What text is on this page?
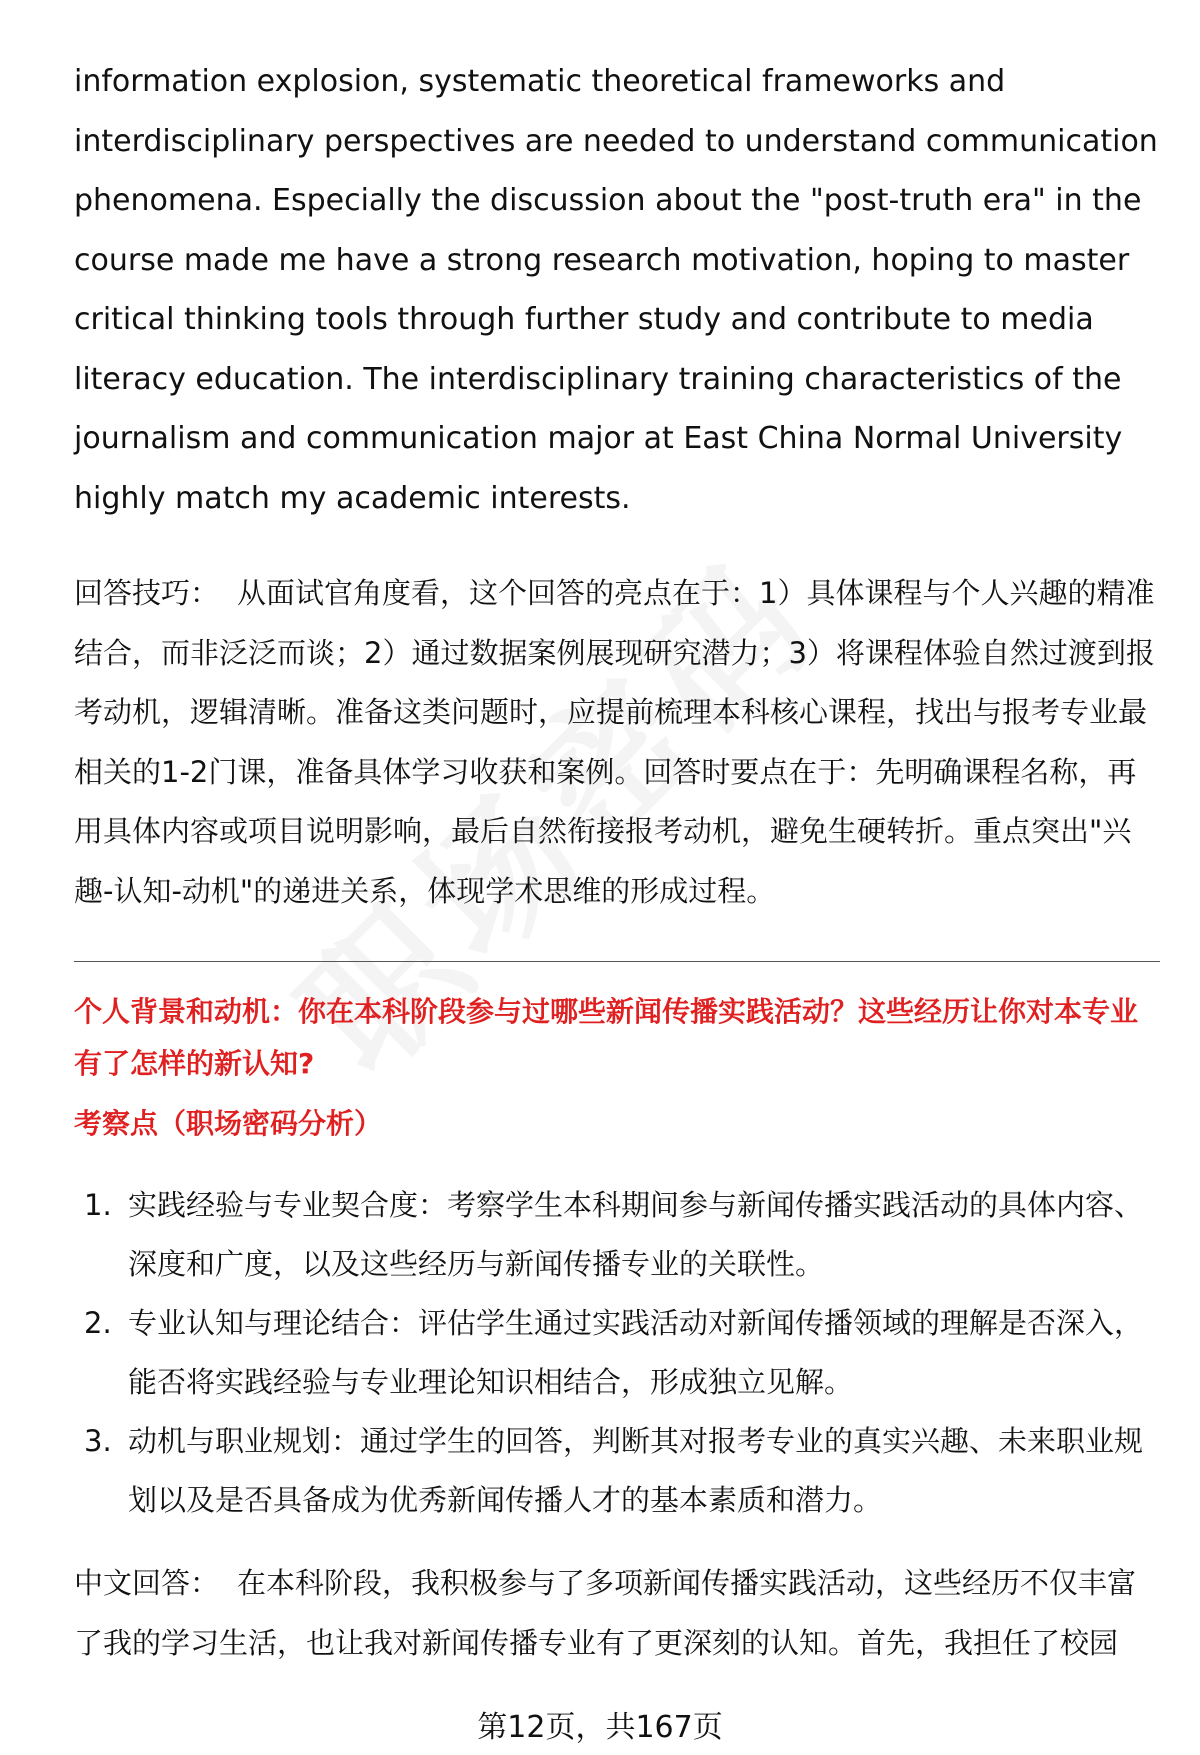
information explosion, systematic theoretical frameworks and interdisciplinary perspectives are needed to understand communication phenomena. Especially the discussion about the "post-truth era" in the course made me have a strong research motivation, hoping to master critical thinking tools through further study and contribute to media literacy education. The interdisciplinary training characteristics of the journalism and communication major at East China Normal University highly match my academic interests.

回答技巧： 从面试官角度看，这个回答的亮点在于：1）具体课程与个人兴趣的精准结合，而非泛泛而谈；2）通过数据案例展现研究潜力；3）将课程体验自然过渡到报考动机，逻辑清晰。准备这类问题时，应提前梳理本科核心课程，找出与报考专业最相关的1-2门课，准备具体学习收获和案例。回答时要点在于：先明确课程名称，再用具体内容或项目说明影响，最后自然衔接报考动机，避免生硬转折。重点突出"兴趣-认知-动机"的递进关系，体现学术思维的形成过程。

个人背景和动机：你在本科阶段参与过哪些新闻传播实践活动？这些经历让你对本专业有了怎样的新认知?

考察点（职场密码分析）

1. 实践经验与专业契合度：考察学生本科期间参与新闻传播实践活动的具体内容、深度和广度，以及这些经历与新闻传播专业的关联性。
2. 专业认知与理论结合：评估学生通过实践活动对新闻传播领域的理解是否深入，能否将实践经验与专业理论知识相结合，形成独立见解。
3. 动机与职业规划：通过学生的回答，判断其对报考专业的真实兴趣、未来职业规划以及是否具备成为优秀新闻传播人才的基本素质和潜力。

中文回答： 在本科阶段，我积极参与了多项新闻传播实践活动，这些经历不仅丰富了我的学习生活，也让我对新闻传播专业有了更深刻的认知。首先，我担任了校园

第12页，共167页
